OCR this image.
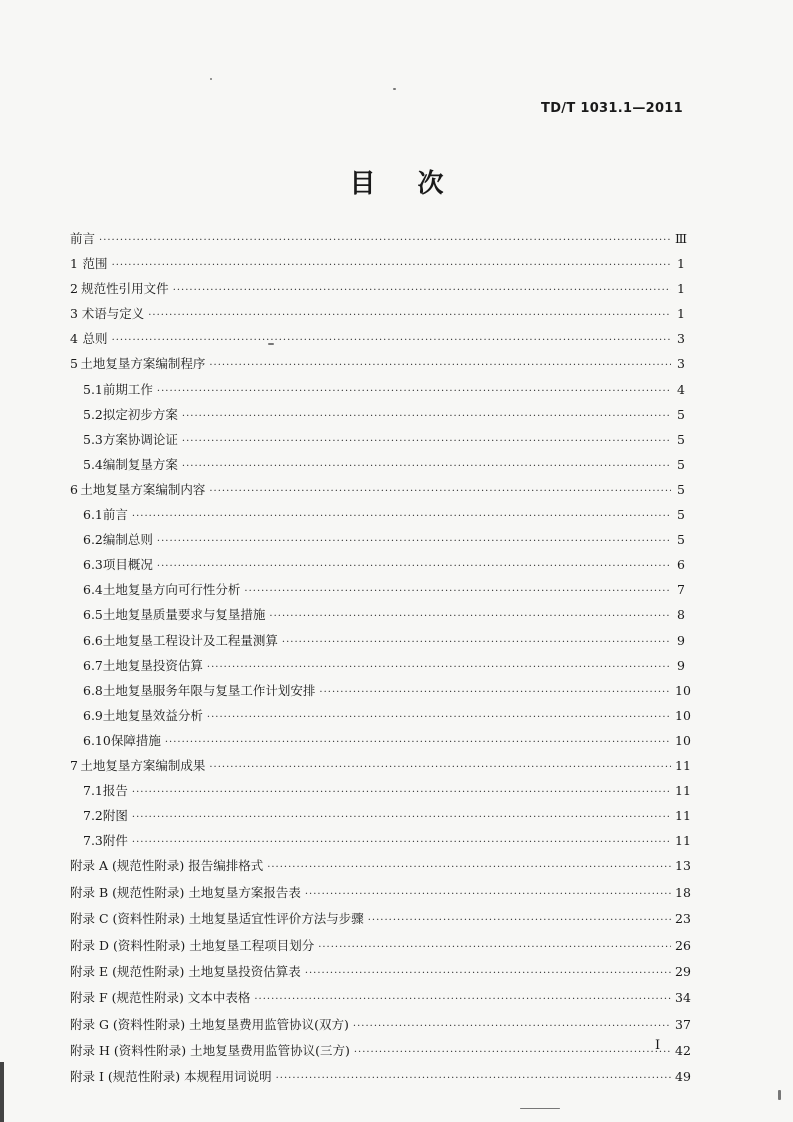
TD/T 1031.1—2011
目 次
前言 ·····	Ⅲ
1 范围 ·····	1
2 规范性引用文件 ·····	1
3 术语与定义 ·····	1
4 总则 ·····	3
5 土地复垦方案编制程序 ·····	3
5.1 前期工作 ·····	4
5.2 拟定初步方案 ·····	5
5.3 方案协调论证 ·····	5
5.4 编制复垦方案 ·····	5
6 土地复垦方案编制内容 ·····	5
6.1 前言 ·····	5
6.2 编制总则 ·····	5
6.3 项目概况 ·····	6
6.4 土地复垦方向可行性分析 ·····	7
6.5 土地复垦质量要求与复垦措施 ·····	8
6.6 土地复垦工程设计及工程量测算 ·····	9
6.7 土地复垦投资估算 ·····	9
6.8 土地复垦服务年限与复垦工作计划安排 ·····	10
6.9 土地复垦效益分析 ·····	10
6.10 保障措施 ·····	10
7 土地复垦方案编制成果 ·····	11
7.1 报告 ·····	11
7.2 附图 ·····	11
7.3 附件 ·····	11
附录 A (规范性附录) 报告编排格式 ·····	13
附录 B (规范性附录) 土地复垦方案报告表 ·····	18
附录 C (资料性附录) 土地复垦适宜性评价方法与步骤 ·····	23
附录 D (资料性附录) 土地复垦工程项目划分 ·····	26
附录 E (规范性附录) 土地复垦投资估算表 ·····	29
附录 F (规范性附录) 文本中表格 ·····	34
附录 G (资料性附录) 土地复垦费用监管协议(双方) ·····	37
附录 H (资料性附录) 土地复垦费用监管协议(三方) ·····	42
附录 I (规范性附录) 本规程用词说明 ·····	49
I
